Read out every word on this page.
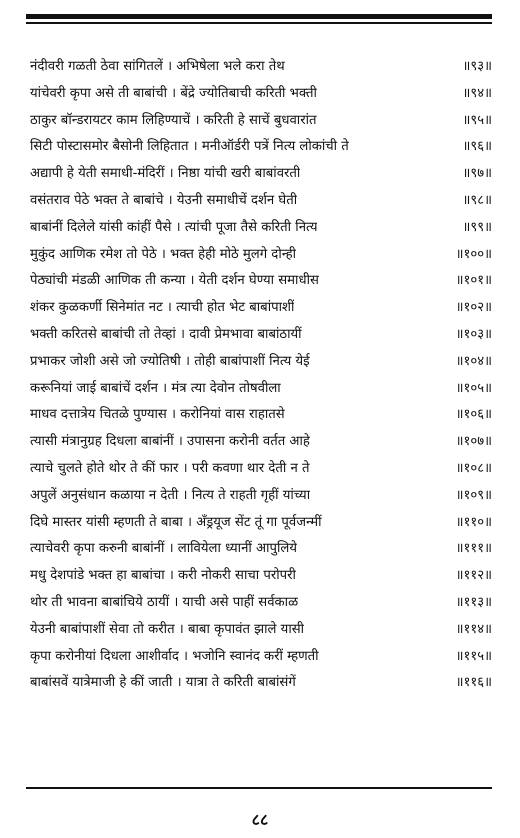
नंदीवरी गळती ठेवा सांगितलें । अभिषेला भले करा तेथ	॥९३॥
यांचेवरी कृपा असे ती बाबांची । बेंद्रे ज्योतिबाची करिती भक्ती	॥९४॥
ठाकुर बॉन्डरायटर काम लिहिण्याचें । करिती हे साचें बुधवारांत	॥९५॥
सिटी पोस्टासमोर बैसोनी लिहितात । मनीऑर्डरी पत्रें नित्य लोकांची ते	॥९६॥
अद्यापी हे येती समाधी-मंदिरीं । निष्ठा यांची खरी बाबांवरती	॥९७॥
वसंतराव पेठे भक्त ते बाबांचे । येउनी समाधीचें दर्शन घेती	॥९८॥
बाबांनीं दिलेले यांसी कांहीं पैसे । त्यांची पूजा तैसे करिती नित्य	॥९९॥
मुकुंद आणिक रमेश तो पेठे । भक्त हेही मोठे मुलगे दोन्ही	॥१००॥
पेठ्यांची मंडळी आणिक ती कन्या । येती दर्शन घेण्या समाधीस	॥१०१॥
शंकर कुळकर्णी सिनेमांत नट । त्याची होत भेट बाबांपाशीं	॥१०२॥
भक्ती करितसे बाबांची तो तेव्हां । दावी प्रेमभावा बाबांठायीं	॥१०३॥
प्रभाकर जोशी असे जो ज्योतिषी । तोही बाबांपाशीं नित्य येई	॥१०४॥
करूनियां जाई बाबांचें दर्शन । मंत्र त्या देवोन तोषवीला	॥१०५॥
माधव दत्तात्रेय चितळे पुण्यास । करोनियां वास राहातसे	॥१०६॥
त्यासी मंत्रानुग्रह दिधला बाबांनीं । उपासना करोनी वर्तत आहे	॥१०७॥
त्याचे चुलते होते थोर ते कीं फार । परी कवणा थार देती न ते	॥१०८॥
अपुलें अनुसंधान कळाया न देती । नित्य ते राहती गृहीं यांच्या	॥१०९॥
दिघे मास्तर यांसी म्हणती ते बाबा । अँड्रयूज सेंट तूं गा पूर्वजन्मीं	॥११०॥
त्याचेवरी कृपा करुनी बाबांनीं । लावियेला ध्यानीं आपुलिये	॥१११॥
मधु देशपांडे भक्त हा बाबांचा । करी नोकरी साचा परोपरी	॥११२॥
थोर ती भावना बाबांचिये ठायीं । याची असे पाहीं सर्वकाळ	॥११३॥
येउनी बाबांपाशीं सेवा तो करीत । बाबा कृपावंत झाले यासी	॥११४॥
कृपा करोनीयां दिधला आशीर्वाद । भजोनि स्वानंद करीं म्हणती	॥११५॥
बाबांसवें यात्रेमाजी हे कीं जाती । यात्रा ते करिती बाबांसंगें	॥११६॥
८८
